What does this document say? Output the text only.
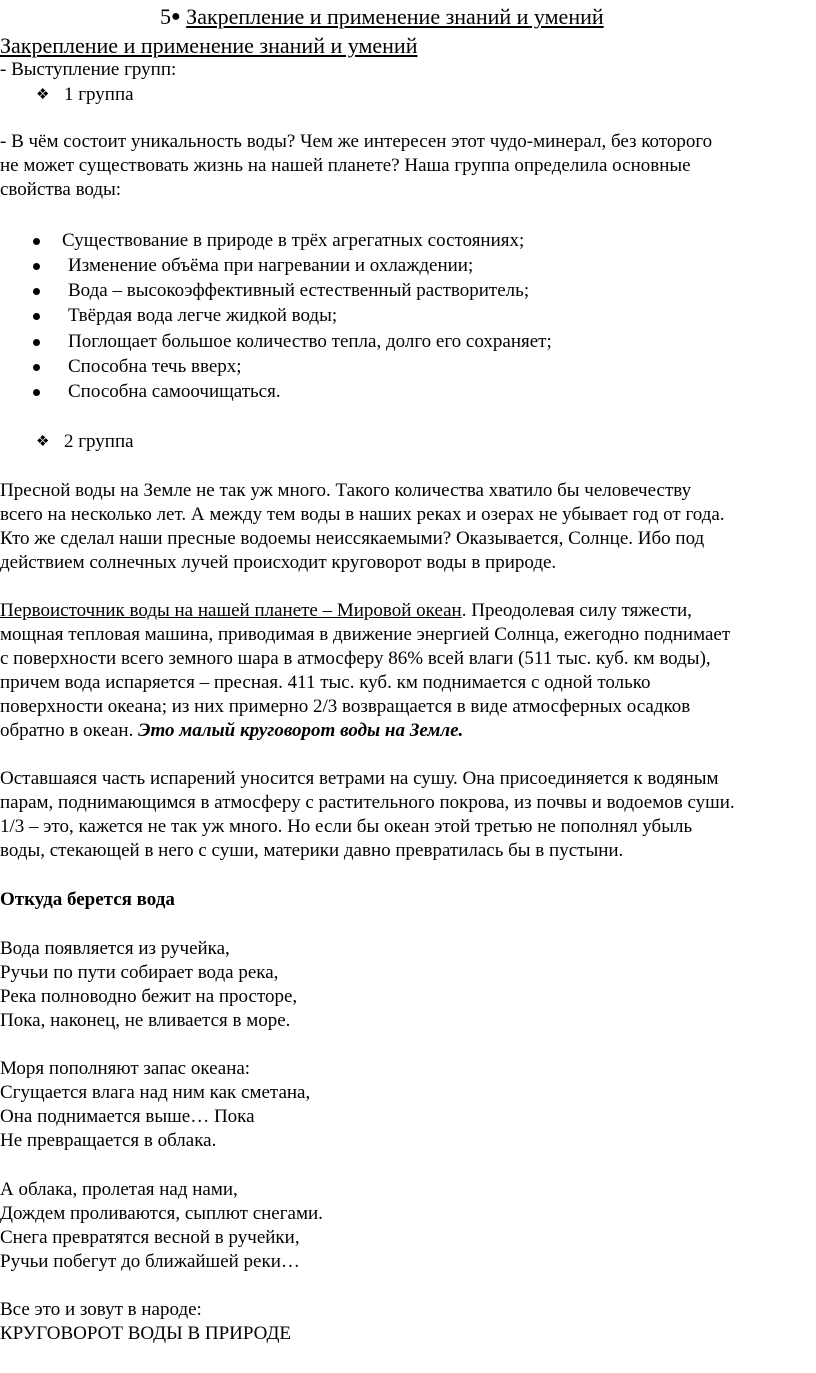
5● Закрепление и применение знаний и умений
Закрепление и применение знаний и умений
- Выступление групп:
❖ 1 группа
- В чём состоит уникальность воды? Чем же интересен этот чудо-минерал, без которого
не может существовать жизнь на нашей планете? Наша группа определила основные
свойства воды:
Существование в природе в трёх агрегатных состояниях;
Изменение объёма при нагревании и охлаждении;
Вода – высокоэффективный естественный растворитель;
Твёрдая вода легче жидкой воды;
Поглощает большое количество тепла, долго его сохраняет;
Способна течь вверх;
Способна самоочищаться.
❖ 2 группа
Пресной воды на Земле не так уж много. Такого количества хватило бы человечеству
всего на несколько лет. А между тем воды в наших реках и озерах не убывает год от года.
Кто же сделал наши пресные водоемы неиссякаемыми? Оказывается, Солнце. Ибо под
действием солнечных лучей происходит круговорот воды в природе.
Первоисточник воды на нашей планете – Мировой океан. Преодолевая силу тяжести,
мощная тепловая машина, приводимая в движение энергией Солнца, ежегодно поднимает
с поверхности всего земного шара в атмосферу 86% всей влаги (511 тыс. куб. км воды),
причем вода испаряется – пресная. 411 тыс. куб. км поднимается с одной только
поверхности океана; из них примерно 2/3 возвращается в виде атмосферных осадков
обратно в океан. Это малый круговорот воды на Земле.
Оставшаяся часть испарений уносится ветрами на сушу. Она присоединяется к водяным
парам, поднимающимся в атмосферу с растительного покрова, из почвы и водоемов суши.
1/3 – это, кажется не так уж много. Но если бы океан этой третью не пополнял убыль
воды, стекающей в него с суши, материки давно превратилась бы в пустыни.
Откуда берется вода
Вода появляется из ручейка,
Ручьи по пути собирает вода река,
Река полноводно бежит на просторе,
Пока, наконец, не вливается в море.
Моря пополняют запас океана:
Сгущается влага над ним как сметана,
Она поднимается выше… Пока
Не превращается в облака.
А облака, пролетая над нами,
Дождем проливаются, сыплют снегами.
Снега превратятся весной в ручейки,
Ручьи побегут до ближайшей реки…
Все это и зовут в народе:
КРУГОВОРОТ ВОДЫ В ПРИРОДЕ
